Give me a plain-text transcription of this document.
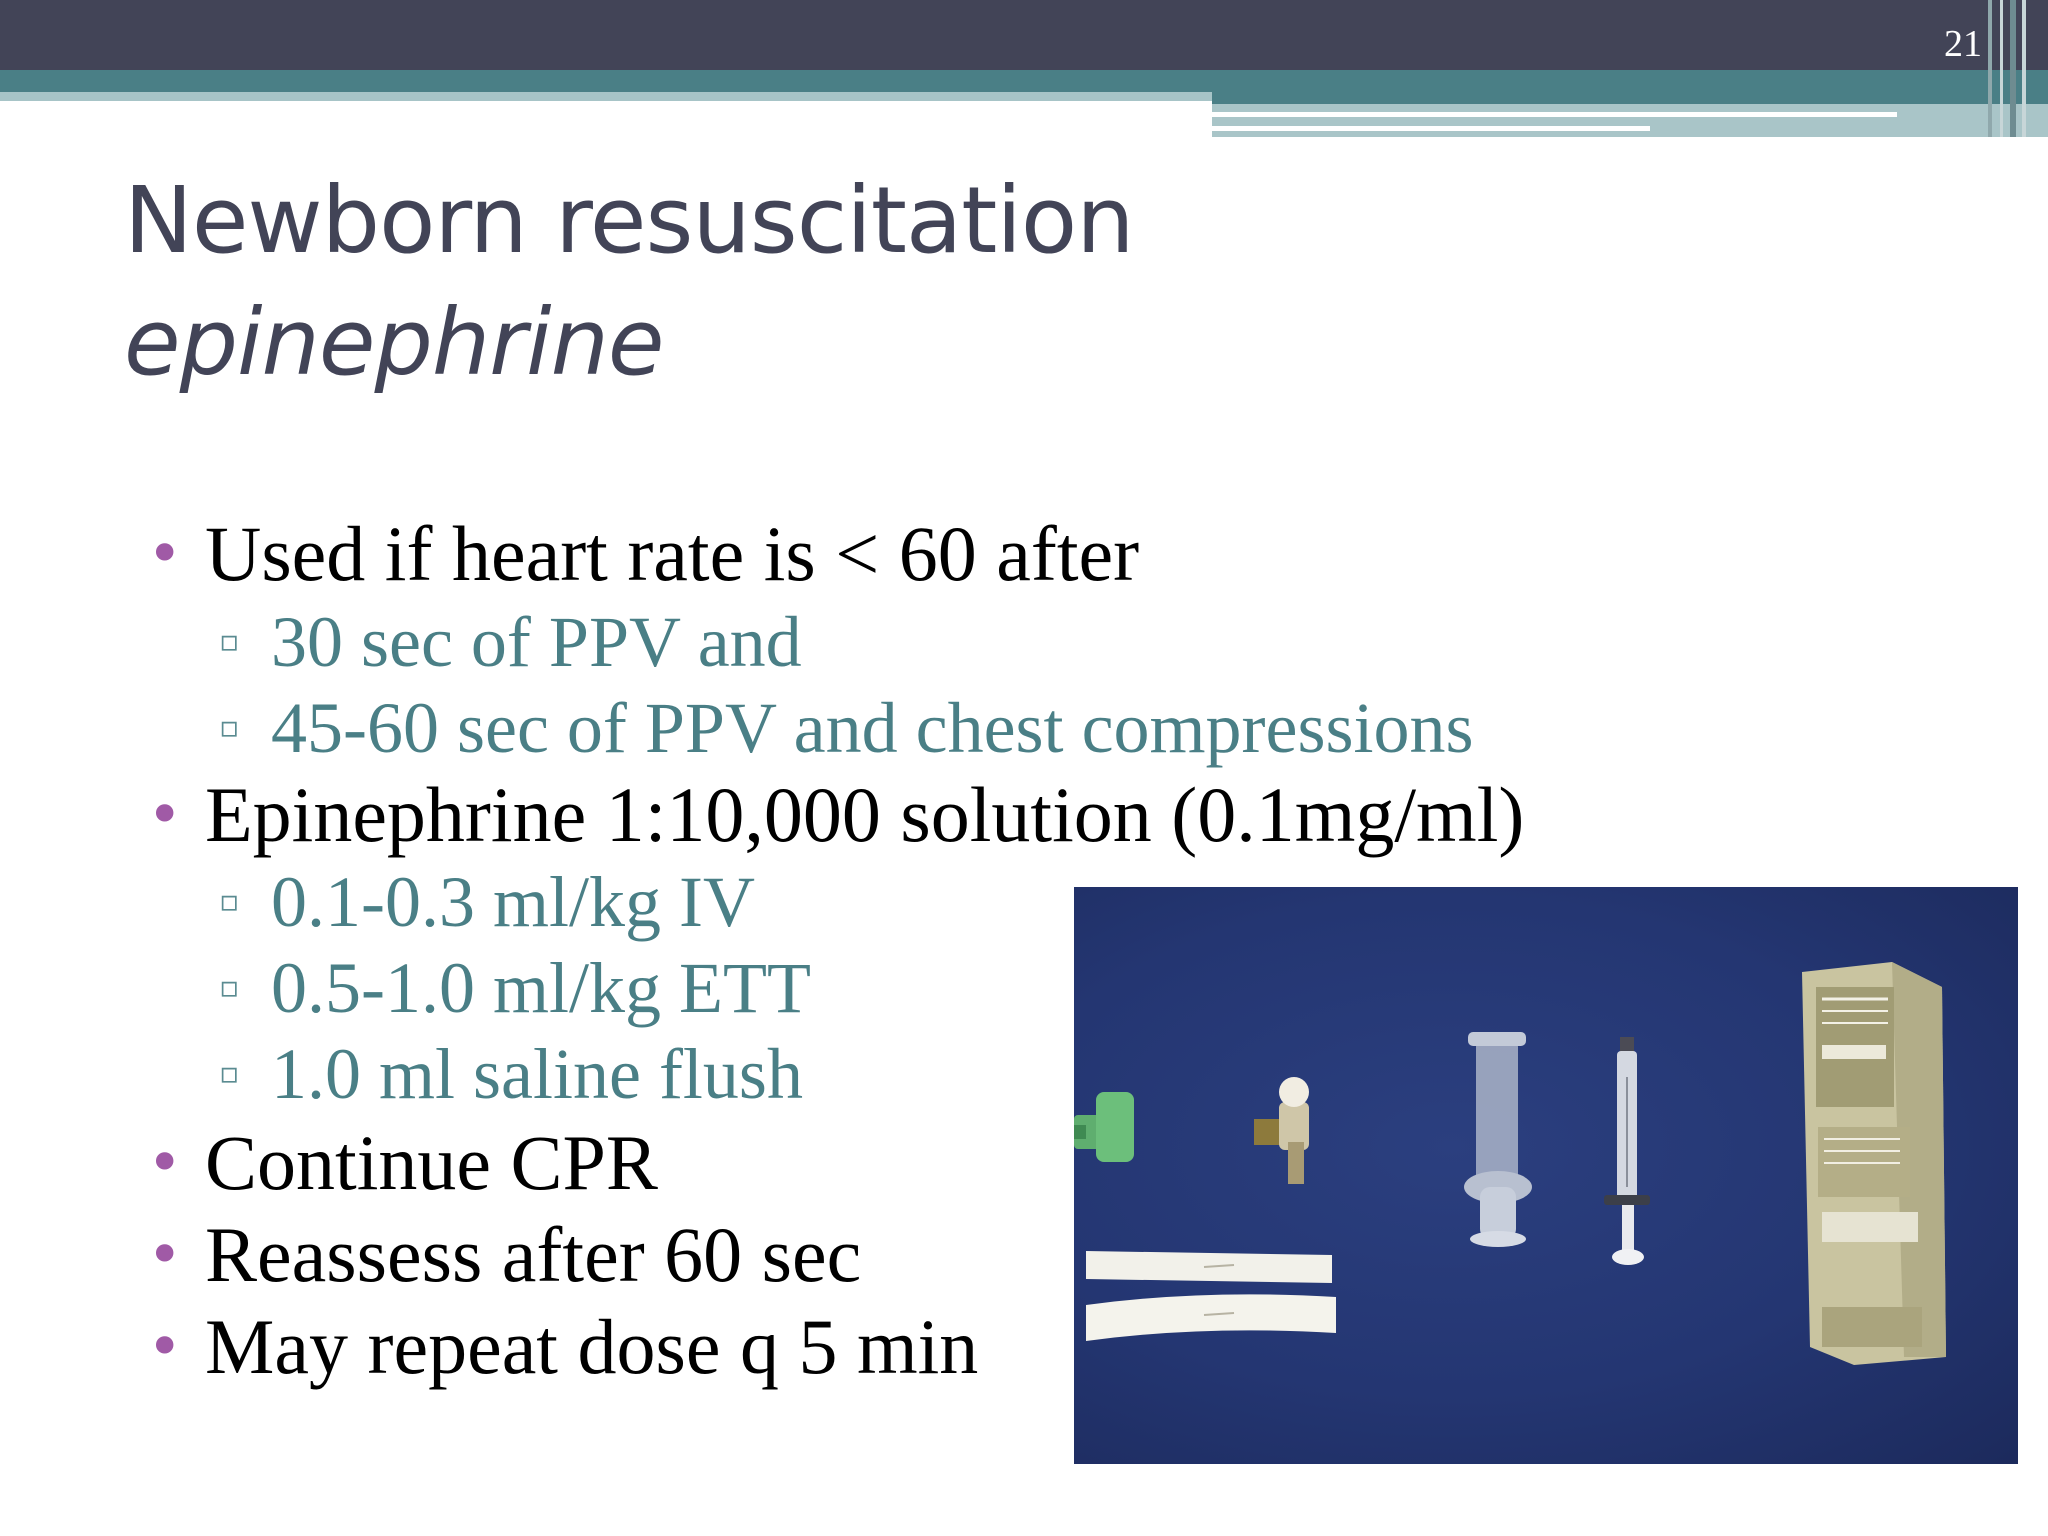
21
Newborn resuscitation
epinephrine
• Used if heart rate is < 60 after
▫ 30 sec of PPV and
▫ 45-60 sec of PPV and chest compressions
• Epinephrine 1:10,000 solution (0.1mg/ml)
▫ 0.1-0.3 ml/kg IV
▫ 0.5-1.0 ml/kg ETT
▫ 1.0 ml saline flush
• Continue CPR
• Reassess after 60 sec
• May repeat dose q 5 min
